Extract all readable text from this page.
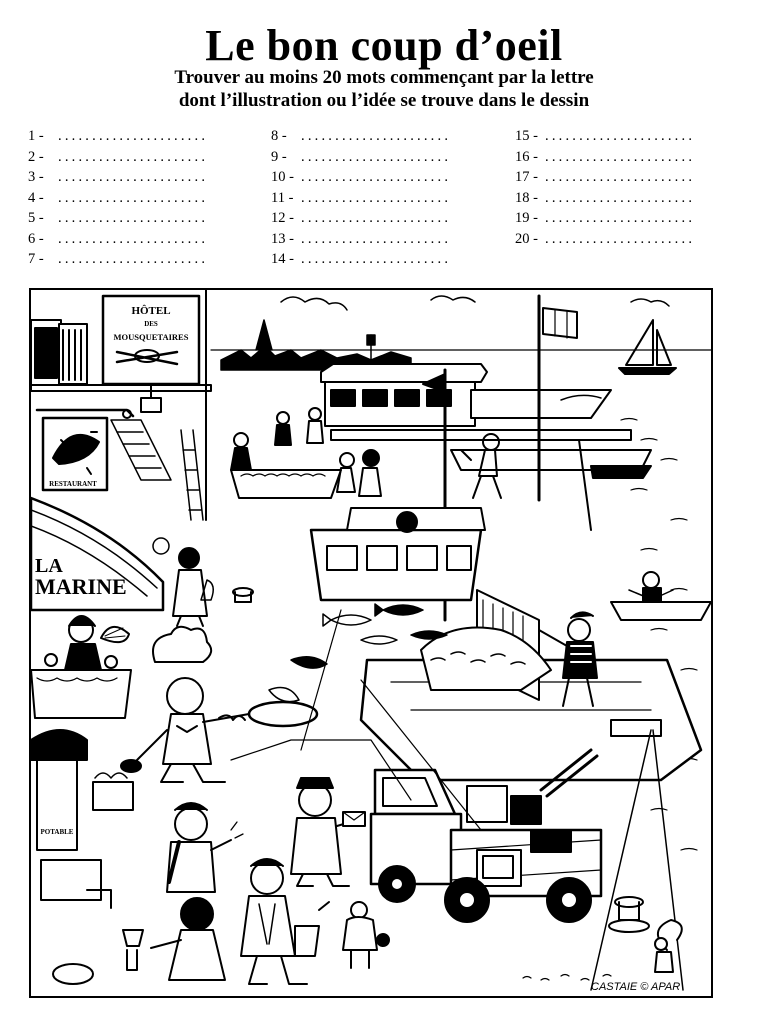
Le bon coup d’oeil
Trouver au moins 20 mots commençant par la lettre
dont l’illustration ou l’idée se trouve dans le dessin
1 - ......................
2 - ......................
3 - ......................
4 - ......................
5 - ......................
6 - ......................
7 - ......................
8 - ......................
9 - ......................
10 - ......................
11 - ......................
12 - ......................
13 - ......................
14 - ......................
15 - ......................
16 - ......................
17 - ......................
18 - ......................
19 - ......................
20 - ......................
HÔTEL
DES
MOUSQUETAIRES
RESTAURANT
LA
MARINE
POTABLE
CASTAIE © APAR
